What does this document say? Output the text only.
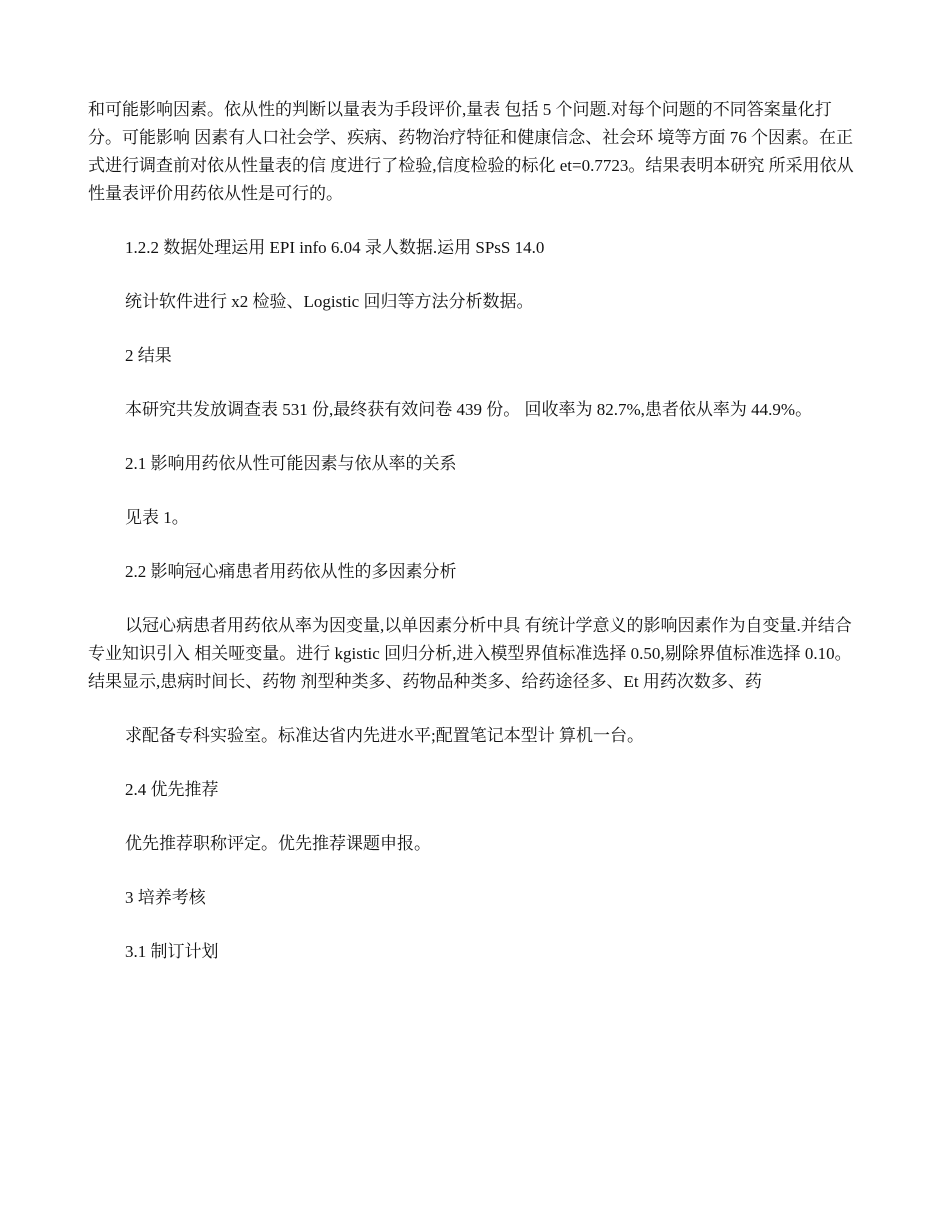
和可能影响因素。依从性的判断以量表为手段评价,量表 包括 5 个问题.对每个问题的不同答案量化打分。可能影响 因素有人口社会学、疾病、药物治疗特征和健康信念、社会环 境等方面 76 个因素。在正式进行调查前对依从性量表的信 度进行了检验,信度检验的标化 et=0.7723。结果表明本研究 所采用依从性量表评价用药依从性是可行的。

1.2.2 数据处理运用 EPI info 6.04 录人数据.运用 SPsS 14.0

统计软件进行 x2 检验、Logistic 回归等方法分析数据。

2 结果

本研究共发放调查表 531 份,最终获有效问卷 439 份。 回收率为 82.7%,患者依从率为 44.9%。

2.1 影响用药依从性可能因素与依从率的关系

见表 1。

2.2 影响冠心痛患者用药依从性的多因素分析

以冠心病患者用药依从率为因变量,以单因素分析中具 有统计学意义的影响因素作为自变量.并结合专业知识引入 相关哑变量。进行 kgistic 回归分析,进入模型界值标准选择 0.50,剔除界值标准选择 0.10。结果显示,患病时间长、药物 剂型种类多、药物品种类多、给药途径多、Et 用药次数多、药

求配备专科实验室。标准达省内先进水平;配置笔记本型计 算机一台。

2.4 优先推荐

优先推荐职称评定。优先推荐课题申报。

3 培养考核

3.1 制订计划
